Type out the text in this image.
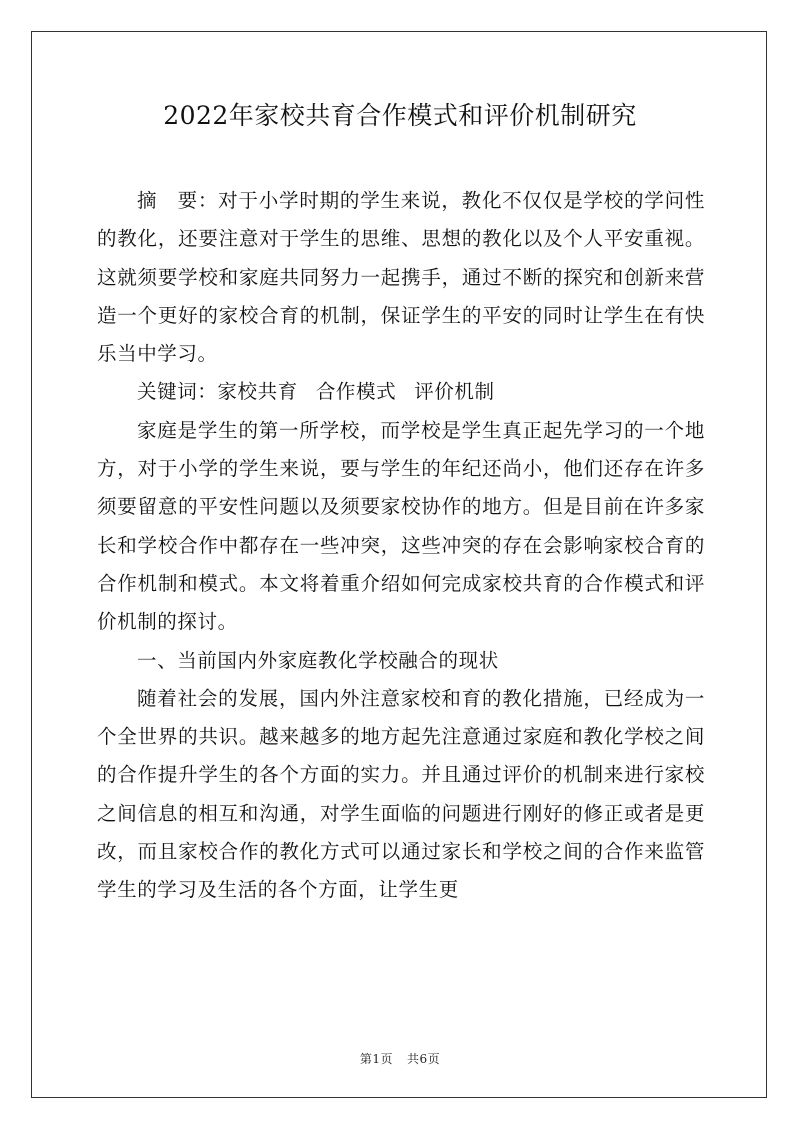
2022年家校共育合作模式和评价机制研究

摘　要：对于小学时期的学生来说，教化不仅仅是学校的学问性的教化，还要注意对于学生的思维、思想的教化以及个人平安重视。这就须要学校和家庭共同努力一起携手，通过不断的探究和创新来营造一个更好的家校合育的机制，保证学生的平安的同时让学生在有快乐当中学习。

关键词：家校共育 合作模式 评价机制

家庭是学生的第一所学校，而学校是学生真正起先学习的一个地方，对于小学的学生来说，要与学生的年纪还尚小，他们还存在许多须要留意的平安性问题以及须要家校协作的地方。但是目前在许多家长和学校合作中都存在一些冲突，这些冲突的存在会影响家校合育的合作机制和模式。本文将着重介绍如何完成家校共育的合作模式和评价机制的探讨。

一、当前国内外家庭教化学校融合的现状

随着社会的发展，国内外注意家校和育的教化措施，已经成为一个全世界的共识。越来越多的地方起先注意通过家庭和教化学校之间的合作提升学生的各个方面的实力。并且通过评价的机制来进行家校之间信息的相互和沟通，对学生面临的问题进行刚好的修正或者是更改，而且家校合作的教化方式可以通过家长和学校之间的合作来监管学生的学习及生活的各个方面，让学生更

第1页 共6页
